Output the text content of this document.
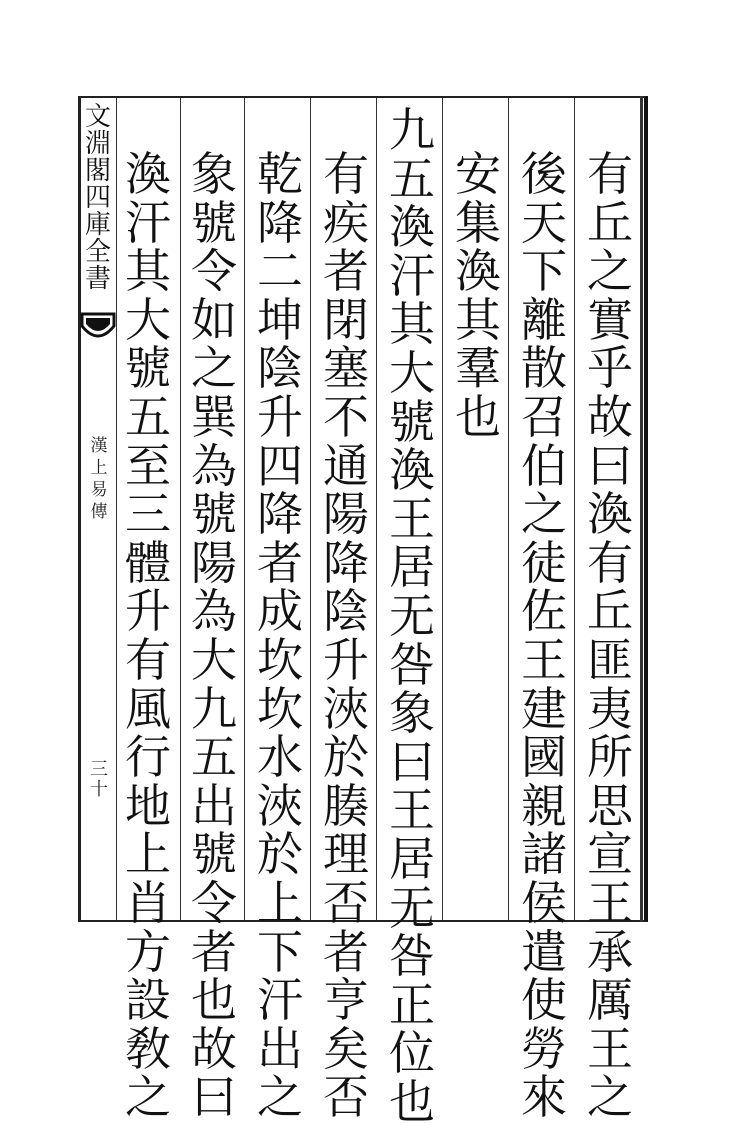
文
淵
閣
四
庫
全
書
漢
上
易
傳
三十
有
丘
之
實
乎
故
曰
渙
有
丘
匪
夷
所
思
宣
王
承
厲
王
之
後
天
下
離
散
召
伯
之
徒
佐
王
建
國
親
諸
侯
遣
使
勞
來
安
集
渙
其
羣
也
九
五
渙
汗
其
大
號
渙
王
居
无
咎
象
曰
王
居
无
咎
正
位
也
有
疾
者
閉
塞
不
通
陽
降
陰
升
浹
於
腠
理
否
者
亨
矣
否
乾
降
二
坤
陰
升
四
降
者
成
坎
坎
水
浹
於
上
下
汗
出
之
象
號
令
如
之
巽
為
號
陽
為
大
九
五
出
號
令
者
也
故
曰
渙
汗
其
大
號
五
至
三
體
升
有
風
行
地
上
肖
方
設
敎
之
